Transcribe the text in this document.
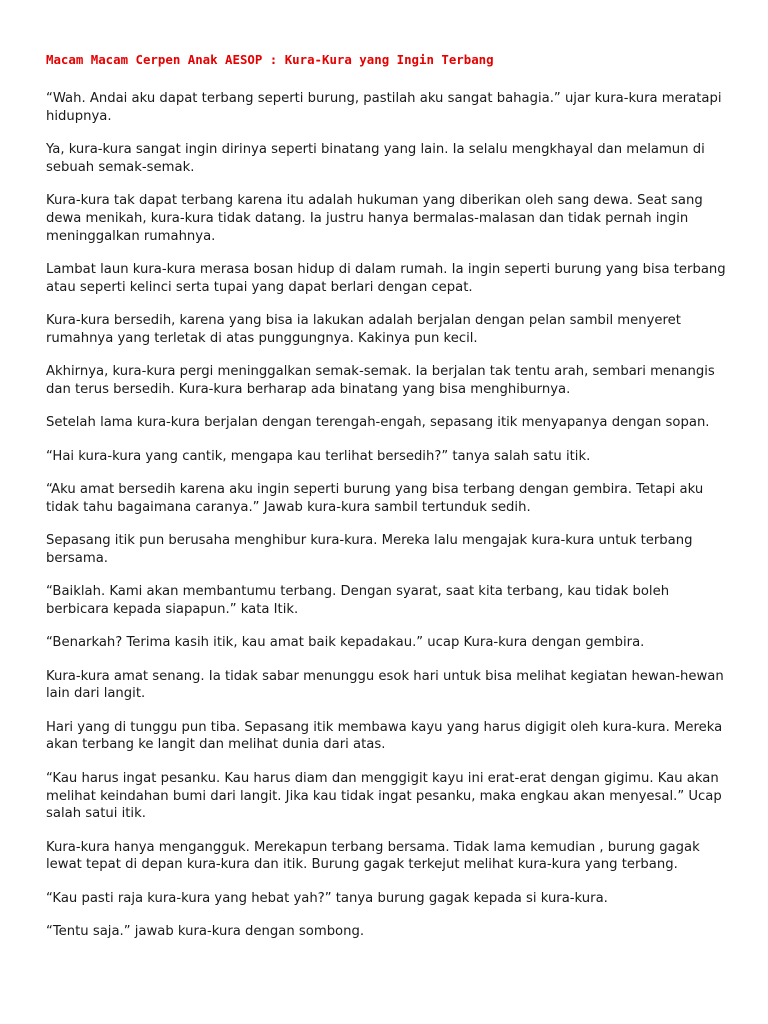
Macam Macam Cerpen Anak AESOP : Kura-Kura yang Ingin Terbang

“Wah. Andai aku dapat terbang seperti burung, pastilah aku sangat bahagia.” ujar kura-kura meratapi hidupnya.

Ya, kura-kura sangat ingin dirinya seperti binatang yang lain. Ia selalu mengkhayal dan melamun di sebuah semak-semak.

Kura-kura tak dapat terbang karena itu adalah hukuman yang diberikan oleh sang dewa. Seat sang dewa menikah, kura-kura tidak datang. Ia justru hanya bermalas-malasan dan tidak pernah ingin meninggalkan rumahnya.

Lambat laun kura-kura merasa bosan hidup di dalam rumah. Ia ingin seperti burung yang bisa terbang atau seperti kelinci serta tupai yang dapat berlari dengan cepat.

Kura-kura bersedih, karena yang bisa ia lakukan adalah berjalan dengan pelan sambil menyeret rumahnya yang terletak di atas punggungnya. Kakinya pun kecil.

Akhirnya, kura-kura pergi meninggalkan semak-semak. Ia berjalan tak tentu arah, sembari menangis dan terus bersedih. Kura-kura berharap ada binatang yang bisa menghiburnya.

Setelah lama kura-kura berjalan dengan terengah-engah, sepasang itik menyapanya dengan sopan.

“Hai kura-kura yang cantik, mengapa kau terlihat bersedih?” tanya salah satu itik.

“Aku amat bersedih karena aku ingin seperti burung yang bisa terbang dengan gembira. Tetapi aku tidak tahu bagaimana caranya.” Jawab kura-kura sambil tertunduk sedih.

Sepasang itik pun berusaha menghibur kura-kura. Mereka lalu mengajak kura-kura untuk terbang bersama.

“Baiklah. Kami akan membantumu terbang. Dengan syarat, saat kita terbang, kau tidak boleh berbicara kepada siapapun.” kata Itik.

“Benarkah? Terima kasih itik, kau amat baik kepadakau.” ucap Kura-kura dengan gembira.

Kura-kura amat senang. Ia tidak sabar menunggu esok hari untuk bisa melihat kegiatan hewan-hewan lain dari langit.

Hari yang di tunggu pun tiba. Sepasang itik membawa kayu yang harus digigit oleh kura-kura. Mereka akan terbang ke langit dan melihat dunia dari atas.

“Kau harus ingat pesanku. Kau harus diam dan menggigit kayu ini erat-erat dengan gigimu. Kau akan melihat keindahan bumi dari langit. Jika kau tidak ingat pesanku, maka engkau akan menyesal.” Ucap salah satui itik.

Kura-kura hanya mengangguk. Merekapun terbang bersama. Tidak lama kemudian , burung gagak lewat tepat di depan kura-kura dan itik. Burung gagak terkejut melihat kura-kura yang terbang.

“Kau pasti raja kura-kura yang hebat yah?” tanya burung gagak kepada si kura-kura.

“Tentu saja.” jawab kura-kura dengan sombong.
